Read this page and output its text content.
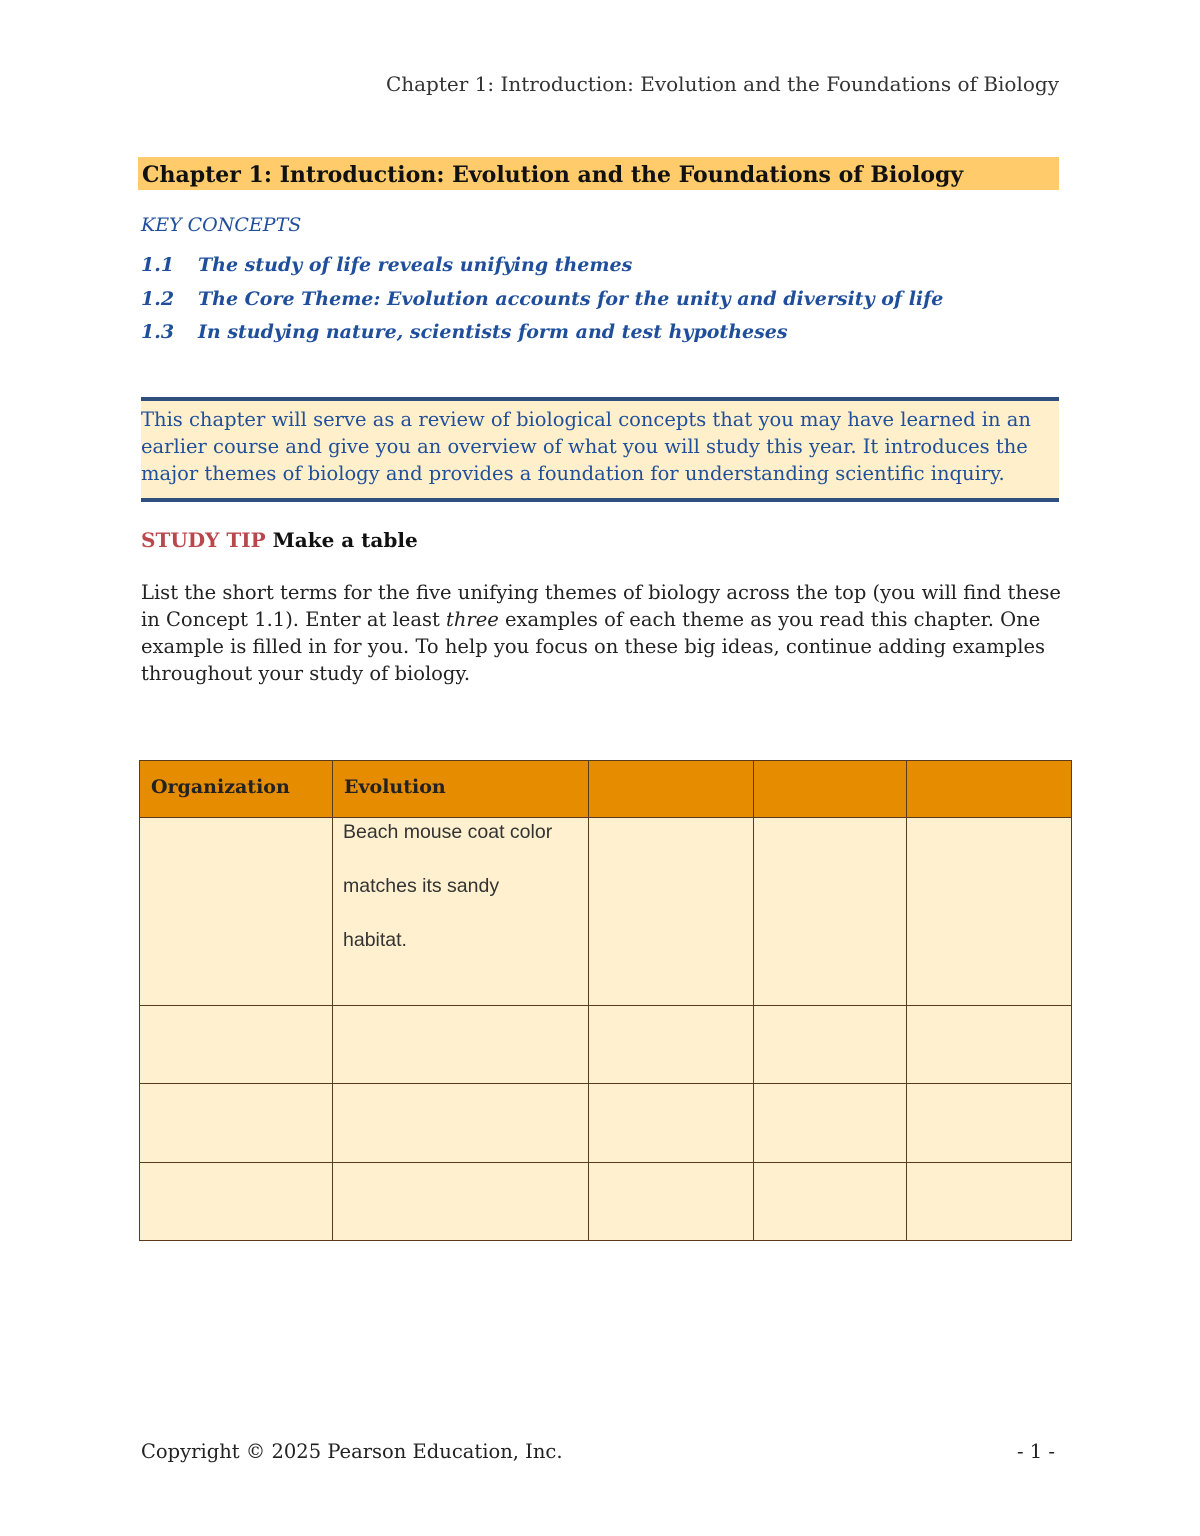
Chapter 1: Introduction: Evolution and the Foundations of Biology
Chapter 1: Introduction: Evolution and the Foundations of Biology
KEY CONCEPTS
1.1 The study of life reveals unifying themes
1.2 The Core Theme: Evolution accounts for the unity and diversity of life
1.3 In studying nature, scientists form and test hypotheses
This chapter will serve as a review of biological concepts that you may have learned in an earlier course and give you an overview of what you will study this year. It introduces the major themes of biology and provides a foundation for understanding scientific inquiry.
STUDY TIP Make a table
List the short terms for the five unifying themes of biology across the top (you will find these in Concept 1.1). Enter at least three examples of each theme as you read this chapter. One example is filled in for you. To help you focus on these big ideas, continue adding examples throughout your study of biology.
Organization	Evolution			

	Beach mouse coat color matches its sandy habitat.			

Copyright © 2025 Pearson Education, Inc.	- 1 -
